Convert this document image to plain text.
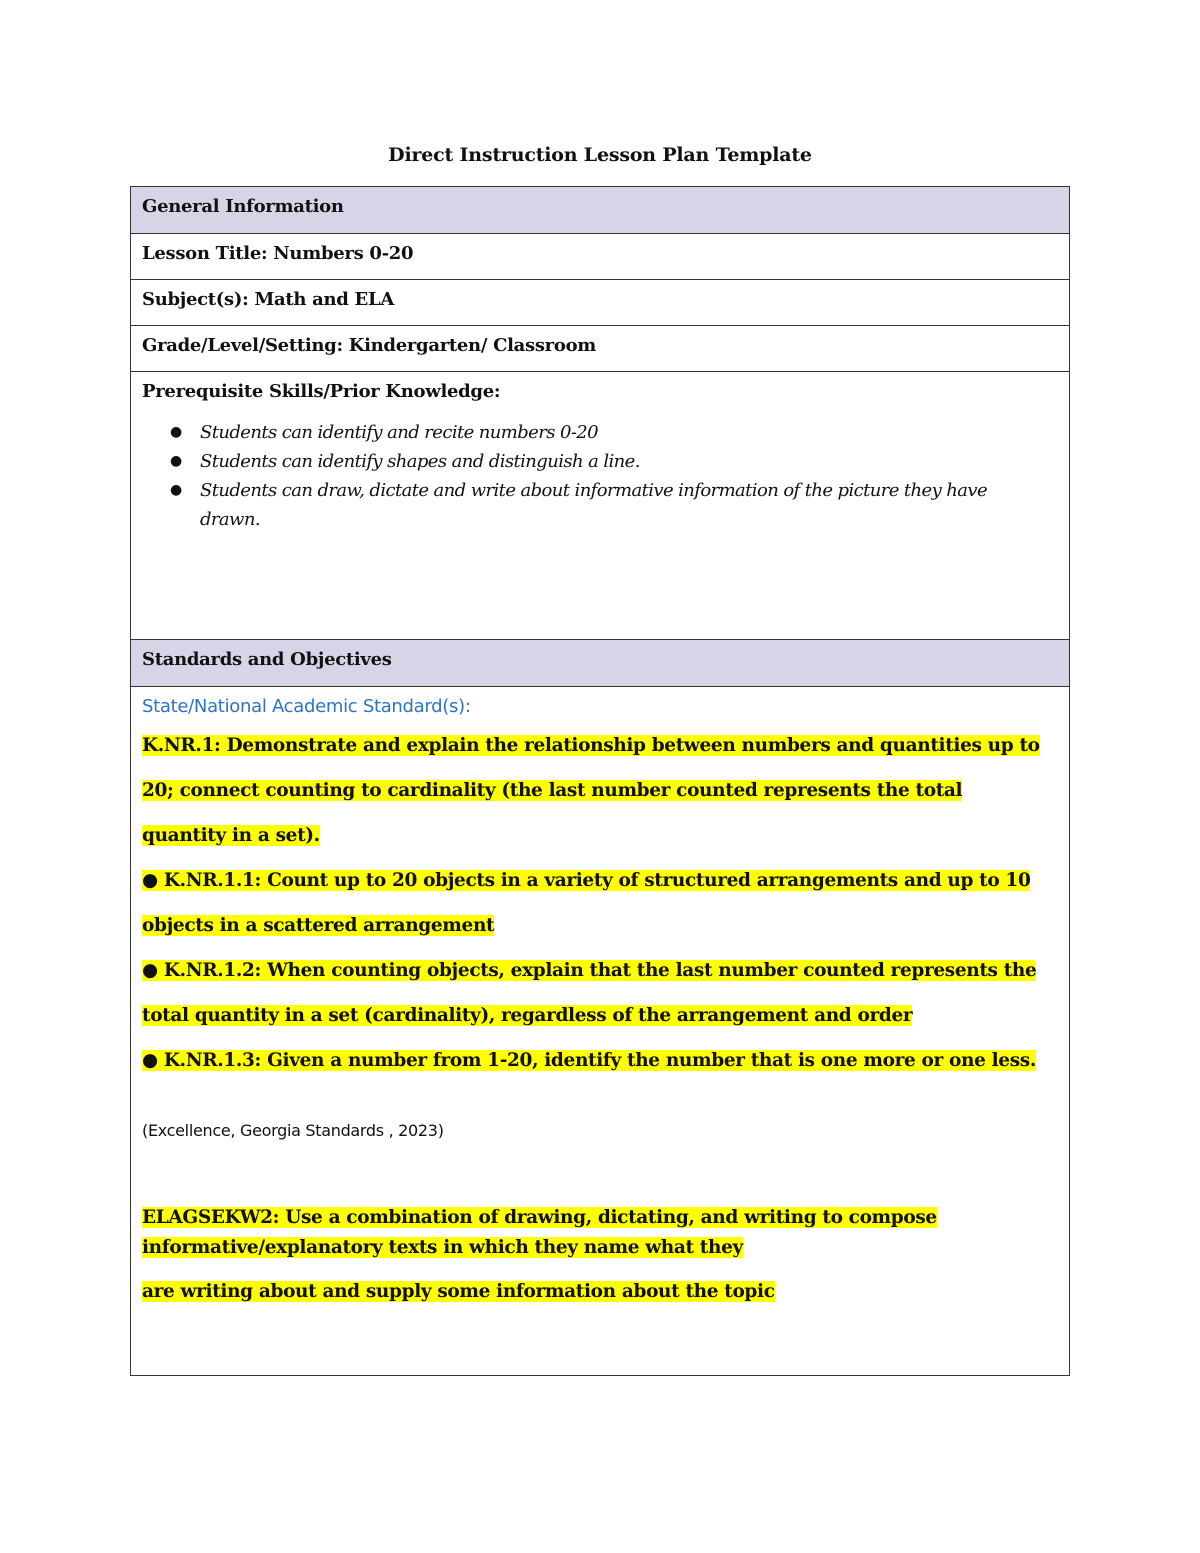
Direct Instruction Lesson Plan Template
General Information
Lesson Title: Numbers 0-20
Subject(s): Math and ELA
Grade/Level/Setting: Kindergarten/ Classroom
Prerequisite Skills/Prior Knowledge:
● Students can identify and recite numbers 0-20
● Students can identify shapes and distinguish a line.
● Students can draw, dictate and write about informative information of the picture they have drawn.
Standards and Objectives
State/National Academic Standard(s):
K.NR.1: Demonstrate and explain the relationship between numbers and quantities up to
20; connect counting to cardinality (the last number counted represents the total
quantity in a set).
● K.NR.1.1: Count up to 20 objects in a variety of structured arrangements and up to 10
objects in a scattered arrangement
● K.NR.1.2: When counting objects, explain that the last number counted represents the
total quantity in a set (cardinality), regardless of the arrangement and order
● K.NR.1.3: Given a number from 1-20, identify the number that is one more or one less.
(Excellence, Georgia Standards , 2023)
ELAGSEKW2: Use a combination of drawing, dictating, and writing to compose
informative/explanatory texts in which they name what they
are writing about and supply some information about the topic
